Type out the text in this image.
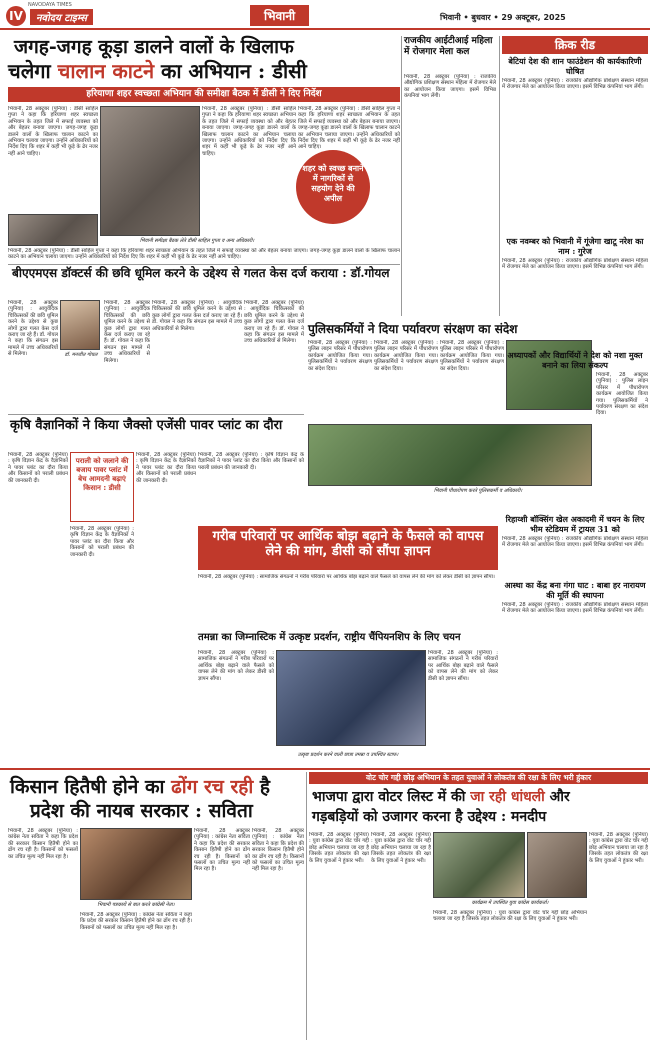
IV
NAVODAYA TIMES
नवोदय टाइम्स	भिवानी	भिवानी • बुधवार • 29 अक्टूबर, 2025
जगह-जगह कूड़ा डालने वालों के खिलाफ
चलेगा चालान काटने का अभियान : डीसी
हरियाणा शहर स्वच्छता अभियान की समीक्षा बैठक में डीसी ने दिए निर्देश
भिवानी, 28 अक्टूबर (पुनिया) : डीसी साहिल गुप्ता ने कहा कि हरियाणा शहर स्वच्छता अभियान के तहत जिले में सफाई व्यवस्था को और बेहतर बनाया जाएगा। जगह-जगह कूड़ा डालने वालों के खिलाफ चालान काटने का अभियान चलाया जाएगा। उन्होंने अधिकारियों को निर्देश दिए कि शहर में कहीं भी कूड़े के ढेर नजर नहीं आने चाहिए।
भिवानी समीक्षा बैठक लेते डीसी साहिल गुप्ता व अन्य अधिकारी।
भिवानी, 28 अक्टूबर (पुनिया) : डीसी साहिल गुप्ता ने कहा कि हरियाणा शहर स्वच्छता अभियान के तहत जिले में सफाई व्यवस्था को और बेहतर बनाया जाएगा। जगह-जगह कूड़ा डालने वालों के खिलाफ चालान काटने का अभियान चलाया जाएगा। उन्होंने अधिकारियों को निर्देश दिए कि शहर में कहीं भी कूड़े के ढेर नजर नहीं आने चाहिए।
भिवानी, 28 अक्टूबर (पुनिया) : डीसी साहिल गुप्ता ने कहा कि हरियाणा शहर स्वच्छता अभियान के तहत जिले में सफाई व्यवस्था को और बेहतर बनाया जाएगा। जगह-जगह कूड़ा डालने वालों के खिलाफ चालान काटने का अभियान चलाया जाएगा। उन्होंने अधिकारियों को निर्देश दिए कि शहर में कहीं भी कूड़े के ढेर नजर नहीं आने चाहिए।
शहर को स्वच्छ बनाने में नागरिकों से सहयोग देने की अपील
भिवानी, 28 अक्टूबर (पुनिया) : डीसी साहिल गुप्ता ने कहा कि हरियाणा शहर स्वच्छता अभियान के तहत जिले में सफाई व्यवस्था को और बेहतर बनाया जाएगा। जगह-जगह कूड़ा डालने वालों के खिलाफ चालान काटने का अभियान चलाया जाएगा। उन्होंने अधिकारियों को निर्देश दिए कि शहर में कहीं भी कूड़े के ढेर नजर नहीं आने चाहिए।
बीएएमएस डॉक्टर्स की छवि धूमिल करने के उद्देश्य से गलत केस दर्ज कराया : डॉ.गोयल
भिवानी, 28 अक्टूबर (पुनिया) : आयुर्वेदिक चिकित्सकों की छवि धूमिल करने के उद्देश्य से कुछ लोगों द्वारा गलत केस दर्ज कराए जा रहे हैं। डॉ. गोयल ने कहा कि संगठन इस मामले में उच्च अधिकारियों से मिलेगा।	डॉ. मनजीत गोयल
भिवानी, 28 अक्टूबर (पुनिया) : आयुर्वेदिक चिकित्सकों की छवि धूमिल करने के उद्देश्य से कुछ लोगों द्वारा गलत केस दर्ज कराए जा रहे हैं। डॉ. गोयल ने कहा कि संगठन इस मामले में उच्च अधिकारियों से मिलेगा।
भिवानी, 28 अक्टूबर (पुनिया) : आयुर्वेदिक चिकित्सकों की छवि धूमिल करने के उद्देश्य से कुछ लोगों द्वारा गलत केस दर्ज कराए जा रहे हैं। डॉ. गोयल ने कहा कि संगठन इस मामले में उच्च अधिकारियों से मिलेगा।
भिवानी, 28 अक्टूबर (पुनिया) : आयुर्वेदिक चिकित्सकों की छवि धूमिल करने के उद्देश्य से कुछ लोगों द्वारा गलत केस दर्ज कराए जा रहे हैं। डॉ. गोयल ने कहा कि संगठन इस मामले में उच्च अधिकारियों से मिलेगा।
पुलिसकर्मियों ने दिया पर्यावरण संरक्षण का संदेश
भिवानी, 28 अक्टूबर (पुनिया) : पुलिस लाइन परिसर में पौधारोपण कार्यक्रम आयोजित किया गया। पुलिसकर्मियों ने पर्यावरण संरक्षण का संदेश दिया।
भिवानी, 28 अक्टूबर (पुनिया) : पुलिस लाइन परिसर में पौधारोपण कार्यक्रम आयोजित किया गया। पुलिसकर्मियों ने पर्यावरण संरक्षण का संदेश दिया।
भिवानी, 28 अक्टूबर (पुनिया) : पुलिस लाइन परिसर में पौधारोपण कार्यक्रम आयोजित किया गया। पुलिसकर्मियों ने पर्यावरण संरक्षण का संदेश दिया।
भिवानी पौधारोपण करते पुलिसकर्मी व अधिकारी।
राजकीय आईटीआई महिला में रोजगार मेला कल
भिवानी, 28 अक्टूबर (पुनिया) : राजकीय औद्योगिक प्रशिक्षण संस्थान महिला में रोजगार मेले का आयोजन किया जाएगा। इसमें विभिन्न कंपनियां भाग लेंगी।
क्रिक रीड
बेटियां देश की शान फाउंडेशन की कार्यकारिणी घोषित
भिवानी, 28 अक्टूबर (पुनिया) : राजकीय औद्योगिक प्रशिक्षण संस्थान महिला में रोजगार मेले का आयोजन किया जाएगा। इसमें विभिन्न कंपनियां भाग लेंगी।
एक नवम्बर को भिवानी में गूंजेगा खाटू नरेश का नाम : गुरेज
भिवानी, 28 अक्टूबर (पुनिया) : राजकीय औद्योगिक प्रशिक्षण संस्थान महिला में रोजगार मेले का आयोजन किया जाएगा। इसमें विभिन्न कंपनियां भाग लेंगी।
अध्यापकों और विद्यार्थियों ने देश को नशा मुक्त बनाने का लिया संकल्प
भिवानी, 28 अक्टूबर (पुनिया) : पुलिस लाइन परिसर में पौधारोपण कार्यक्रम आयोजित किया गया। पुलिसकर्मियों ने पर्यावरण संरक्षण का संदेश दिया।
रिहाय्शी बॉक्सिंग खेल अकादमी में चयन के लिए भीम स्टेडियम में ट्रायल 31 को
भिवानी, 28 अक्टूबर (पुनिया) : राजकीय औद्योगिक प्रशिक्षण संस्थान महिला में रोजगार मेले का आयोजन किया जाएगा। इसमें विभिन्न कंपनियां भाग लेंगी।
आस्था का केंद्र बना गंगा घाट : बाबा हर नारायण की मूर्ति की स्थापना
भिवानी, 28 अक्टूबर (पुनिया) : राजकीय औद्योगिक प्रशिक्षण संस्थान महिला में रोजगार मेले का आयोजन किया जाएगा। इसमें विभिन्न कंपनियां भाग लेंगी।
कृषि वैज्ञानिकों ने किया जैक्सो एजेंसी पावर प्लांट का दौरा
भिवानी, 28 अक्टूबर (पुनिया) : कृषि विज्ञान केंद्र के वैज्ञानिकों ने पावर प्लांट का दौरा किया और किसानों को पराली प्रबंधन की जानकारी दी।
पराली को जलाने की बजाय पावर प्लांट में बेच आमदनी बढ़ाएं किसान : डीसी
भिवानी, 28 अक्टूबर (पुनिया) : कृषि विज्ञान केंद्र के वैज्ञानिकों ने पावर प्लांट का दौरा किया और किसानों को पराली प्रबंधन की जानकारी दी।
भिवानी, 28 अक्टूबर (पुनिया) : कृषि विज्ञान केंद्र के वैज्ञानिकों ने पावर प्लांट का दौरा किया और किसानों को पराली प्रबंधन की जानकारी दी।
भिवानी, 28 अक्टूबर (पुनिया) : कृषि विज्ञान केंद्र के वैज्ञानिकों ने पावर प्लांट का दौरा किया और किसानों को पराली प्रबंधन की जानकारी दी।
गरीब परिवारों पर आर्थिक बोझ बढ़ाने के फैसले को वापस लेने की मांग, डीसी को सौंपा ज्ञापन
भिवानी, 28 अक्टूबर (पुनिया) : सामाजिक संगठनों ने गरीब परिवारों पर आर्थिक बोझ बढ़ाने वाले फैसले को वापस लेने की मांग को लेकर डीसी को ज्ञापन सौंपा।
तमन्ना का जिम्नास्टिक में उत्कृष्ट प्रदर्शन, राष्ट्रीय चैंपियनशिप के लिए चयन
भिवानी, 28 अक्टूबर (पुनिया) : सामाजिक संगठनों ने गरीब परिवारों पर आर्थिक बोझ बढ़ाने वाले फैसले को वापस लेने की मांग को लेकर डीसी को ज्ञापन सौंपा।
उत्कृष्ट प्रदर्शन करने वाली छात्रा तमन्ना व उपस्थित स्टाफ।
भिवानी, 28 अक्टूबर (पुनिया) : सामाजिक संगठनों ने गरीब परिवारों पर आर्थिक बोझ बढ़ाने वाले फैसले को वापस लेने की मांग को लेकर डीसी को ज्ञापन सौंपा।
किसान हितैषी होने का ढोंग रच रही है
प्रदेश की नायब सरकार : सविता
भिवानी, 28 अक्टूबर (पुनिया) : कांग्रेस नेता सविता ने कहा कि प्रदेश की सरकार किसान हितैषी होने का ढोंग रच रही है। किसानों को फसलों का उचित मूल्य नहीं मिल रहा है।
भिवानी पत्रकारों से बात करते कांग्रेसी नेता।
भिवानी, 28 अक्टूबर (पुनिया) : कांग्रेस नेता सविता ने कहा कि प्रदेश की सरकार किसान हितैषी होने का ढोंग रच रही है। किसानों को फसलों का उचित मूल्य नहीं मिल रहा है।
भिवानी, 28 अक्टूबर (पुनिया) : कांग्रेस नेता सविता ने कहा कि प्रदेश की सरकार किसान हितैषी होने का ढोंग रच रही है। किसानों को फसलों का उचित मूल्य नहीं मिल रहा है।
भिवानी, 28 अक्टूबर (पुनिया) : कांग्रेस नेता सविता ने कहा कि प्रदेश की सरकार किसान हितैषी होने का ढोंग रच रही है। किसानों को फसलों का उचित मूल्य नहीं मिल रहा है।
वोट चोर गद्दी छोड़ अभियान के तहत युवाओं ने लोकतंत्र की रक्षा के लिए भरी हुंकार
भाजपा द्वारा वोटर लिस्ट में की जा रही धांधली और
गड़बड़ियों को उजागर करना है उद्देश्य : मनदीप
भिवानी, 28 अक्टूबर (पुनिया) : युवा कांग्रेस द्वारा वोट चोर गद्दी छोड़ अभियान चलाया जा रहा है जिसके तहत लोकतंत्र की रक्षा के लिए युवाओं ने हुंकार भरी।
भिवानी, 28 अक्टूबर (पुनिया) : युवा कांग्रेस द्वारा वोट चोर गद्दी छोड़ अभियान चलाया जा रहा है जिसके तहत लोकतंत्र की रक्षा के लिए युवाओं ने हुंकार भरी।
कार्यक्रम में उपस्थित युवा कांग्रेस कार्यकर्ता।
भिवानी, 28 अक्टूबर (पुनिया) : युवा कांग्रेस द्वारा वोट चोर गद्दी छोड़ अभियान चलाया जा रहा है जिसके तहत लोकतंत्र की रक्षा के लिए युवाओं ने हुंकार भरी।
भिवानी, 28 अक्टूबर (पुनिया) : युवा कांग्रेस द्वारा वोट चोर गद्दी छोड़ अभियान चलाया जा रहा है जिसके तहत लोकतंत्र की रक्षा के लिए युवाओं ने हुंकार भरी।
